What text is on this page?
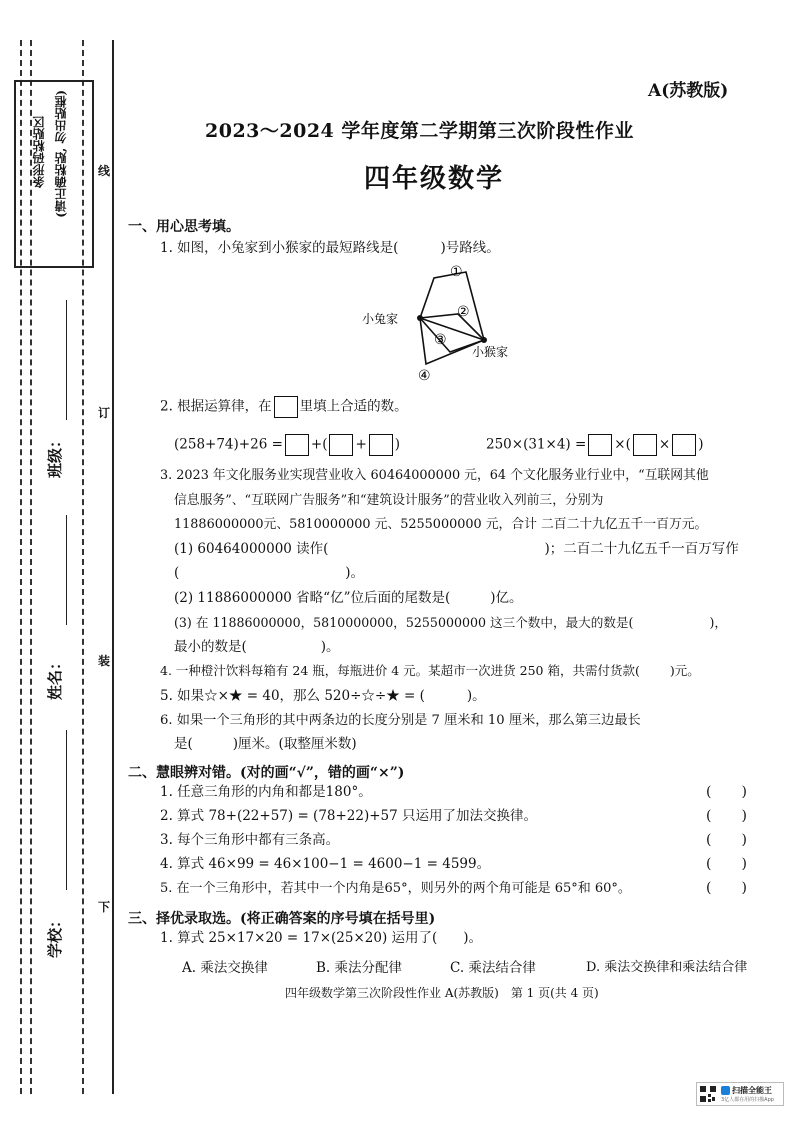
条形码粘贴区 (请正确粘贴, 勿出贴框)
班级：
姓名：
学校：
线
订
装
下
A(苏教版)
2023～2024 学年度第二学期第三次阶段性作业
四年级数学
一、用心思考填。
1. 如图，小兔家到小猴家的最短路线是(	)号路线。
小兔家
小猴家
①
②
③
④
2. 根据运算律，在 里填上合适的数。
(258+74)+26 = +( + )	250×(31×4) = ×( × )
3. 2023 年文化服务业实现营业收入 60464000000 元，64 个文化服务业行业中，“互联网其他
信息服务”、“互联网广告服务”和“建筑设计服务”的营业收入列前三，分别为
11886000000元、5810000000 元、5255000000 元，合计 二百二十九亿五千一百万元。
(1) 60464000000 读作(	)；二百二十九亿五千一百万写作
(	)。
(2) 11886000000 省略“亿”位后面的尾数是(	)亿。
(3) 在 11886000000，5810000000，5255000000 这三个数中，最大的数是(	)，
最小的数是(	)。
4. 一种橙汁饮料每箱有 24 瓶，每瓶进价 4 元。某超市一次进货 250 箱，共需付货款( )元。
5. 如果☆×★ = 40，那么 520÷☆÷★ = (	)。
6. 如果一个三角形的其中两条边的长度分别是 7 厘米和 10 厘米，那么第三边最长
是(	)厘米。(取整厘米数)
二、慧眼辨对错。(对的画“√”，错的画“×”)
1. 任意三角形的内角和都是180°。	( )
2. 算式 78+(22+57) = (78+22)+57 只运用了加法交换律。	( )
3. 每个三角形中都有三条高。	( )
4. 算式 46×99 = 46×100−1 = 4600−1 = 4599。	( )
5. 在一个三角形中，若其中一个内角是65°，则另外的两个角可能是 65°和 60°。	( )
三、择优录取选。(将正确答案的序号填在括号里)
1. 算式 25×17×20 = 17×(25×20) 运用了( )。
A. 乘法交换律	B. 乘法分配律	C. 乘法结合律	D. 乘法交换律和乘法结合律
四年级数学第三次阶段性作业 A(苏教版)　第 1 页(共 4 页)
扫描全能王
3亿人都在用的扫描App
